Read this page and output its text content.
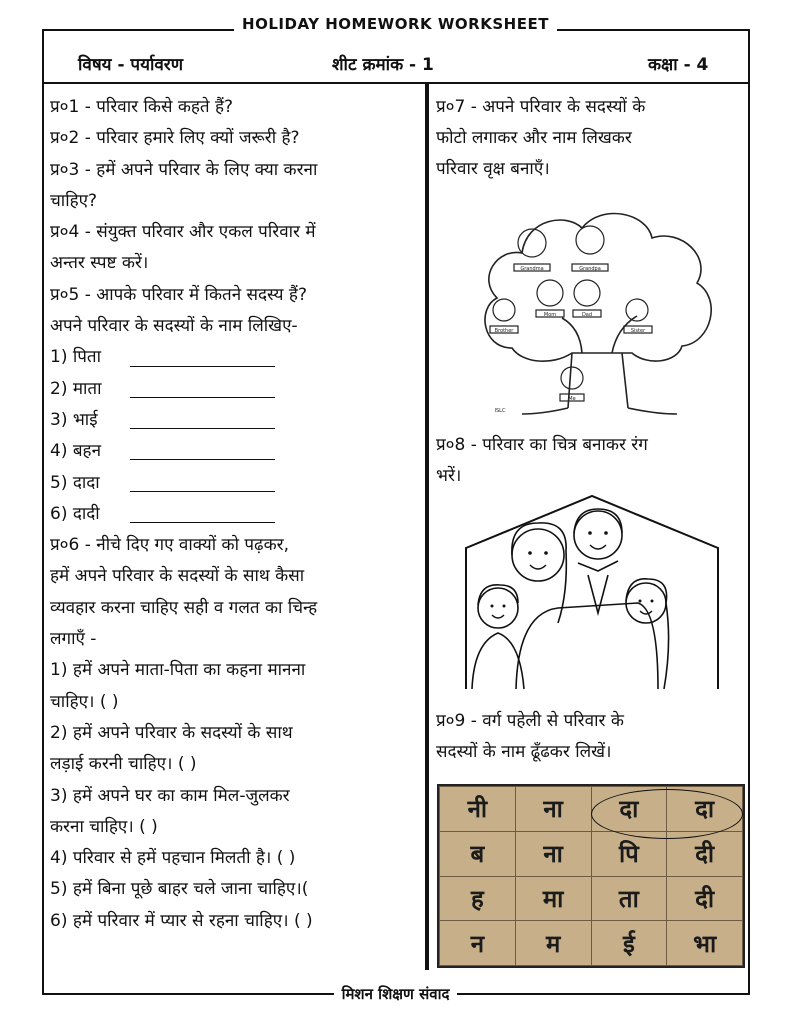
HOLIDAY HOMEWORK WORKSHEET
मिशन शिक्षण संवाद
विषय - पर्यावरण	शीट क्रमांक - 1	कक्षा - 4
प्र०1 - परिवार किसे कहते हैं?
प्र०2 - परिवार हमारे लिए क्यों जरूरी है?
प्र०3 - हमें अपने परिवार के लिए क्या करना
चाहिए?
प्र०4 - संयुक्त परिवार और एकल परिवार में
अन्तर स्पष्ट करें।
प्र०5 - आपके परिवार में कितने सदस्य हैं?
अपने परिवार के सदस्यों के नाम लिखिए-
1) पिता
2) माता
3) भाई
4) बहन
5) दादा
6) दादी
प्र०6 - नीचे दिए गए वाक्यों को पढ़कर,
हमें अपने परिवार के सदस्यों के साथ कैसा
व्यवहार करना चाहिए सही व गलत का चिन्ह
लगाएँ -
1) हमें अपने माता-पिता का कहना मानना
चाहिए। ( )
2) हमें अपने परिवार के सदस्यों के साथ
लड़ाई करनी चाहिए। ( )
3) हमें अपने घर का काम मिल-जुलकर
करना चाहिए। ( )
4) परिवार से हमें पहचान मिलती है। ( )
5) हमें बिना पूछे बाहर चले जाना चाहिए।(
6) हमें परिवार में प्यार से रहना चाहिए। ( )
प्र०7 - अपने परिवार के सदस्यों के
फोटो लगाकर और नाम लिखकर
परिवार वृक्ष बनाएँ।
Grandma	Grandpa
Mom	Dad
Brother
Me
Sister
ISLC
प्र०8 - परिवार का चित्र बनाकर रंग
भरें।
प्र०9 - वर्ग पहेली से परिवार के
सदस्यों के नाम ढूँढकर लिखें।
नी	ना	दा	दा
ब	ना	पि	दी
ह	मा	ता	दी
न	म	ई	भा
